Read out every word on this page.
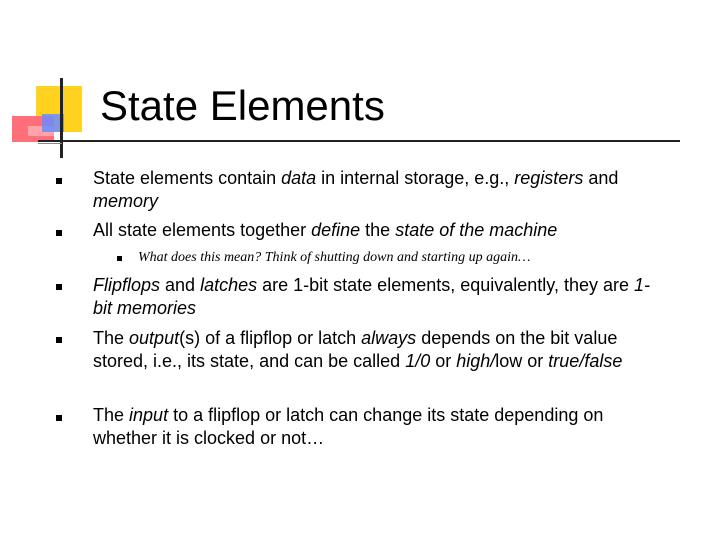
State Elements
State elements contain data in internal storage, e.g., registers and memory
All state elements together define the state of the machine
What does this mean? Think of shutting down and starting up again…
Flipflops and latches are 1-bit state elements, equivalently, they are 1-bit memories
The output(s) of a flipflop or latch always depends on the bit value stored, i.e., its state, and can be called 1/0 or high/low or true/false
The input to a flipflop or latch can change its state depending on whether it is clocked or not…
